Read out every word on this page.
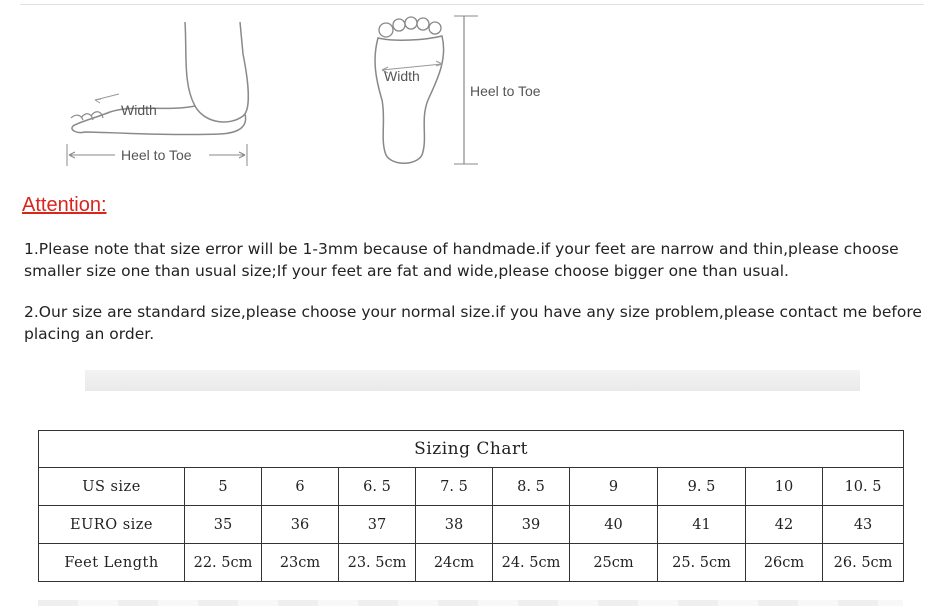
Width
Heel to Toe
Width
Heel to Toe
Attention:
1.Please note that size error will be 1-3mm because of handmade.if your feet are narrow and thin,please choose smaller size one than usual size;If your feet are fat and wide,please choose bigger one than usual.
2.Our size are standard size,please choose your normal size.if you have any size problem,please contact me before placing an order.
Sizing Chart									
US size	5	6	6. 5	7. 5	8. 5	9	9. 5	10	10. 5
EURO size	35	36	37	38	39	40	41	42	43
Feet Length	22. 5cm	23cm	23. 5cm	24cm	24. 5cm	25cm	25. 5cm	26cm	26. 5cm
